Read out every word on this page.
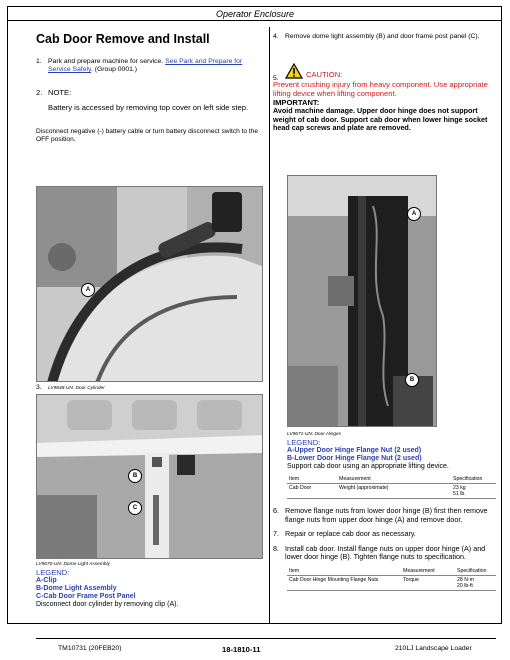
Operator Enclosure
Cab Door Remove and Install
1. Park and prepare machine for service. See Park and Prepare for Service Safely. (Group 0001.)
2. NOTE:
Battery is accessed by removing top cover on left side step.
Disconnect negative (-) battery cable or turn battery disconnect switch to the OFF position.
A
3. LV9848-UN: Door Cylinder
B
C
LV9670-UN: Dome Light Assembly
LEGEND:
A-Clip
B-Dome Light Assembly
C-Cab Door Frame Post Panel
Disconnect door cylinder by removing clip (A).
4. Remove dome light assembly (B) and door frame post panel (C).
5.	CAUTION:
Prevent crushing injury from heavy component. Use appropriate lifting device when lifting component.
IMPORTANT:
Avoid machine damage. Upper door hinge does not support weight of cab door. Support cab door when lower hinge socket head cap screws and plate are removed.
A
B
LV9671-UN: Door Hinges
LEGEND:
A-Upper Door Hinge Flange Nut (2 used)
B-Lower Door Hinge Flange Nut (2 used)
Support cab door using an appropriate lifting device.
Item	Measurement	Specification
Cab Door	Weight (approximate)	23 kg
51 lb.
6. Remove flange nuts from lower door hinge (B) first then remove flange nuts from upper door hinge (A) and remove door.
7. Repair or replace cab door as necessary.
8. Install cab door. Install flange nuts on upper door hinge (A) and lower door hinge (B). Tighten flange nuts to specification.
Item	Measurement	Specification
Cab Door Hinge Mounting Flange Nuts	Torque	28 N·m
20 lb-ft
TM10731 (20FEB20)	18-1810-11	210LJ Landscape Loader
